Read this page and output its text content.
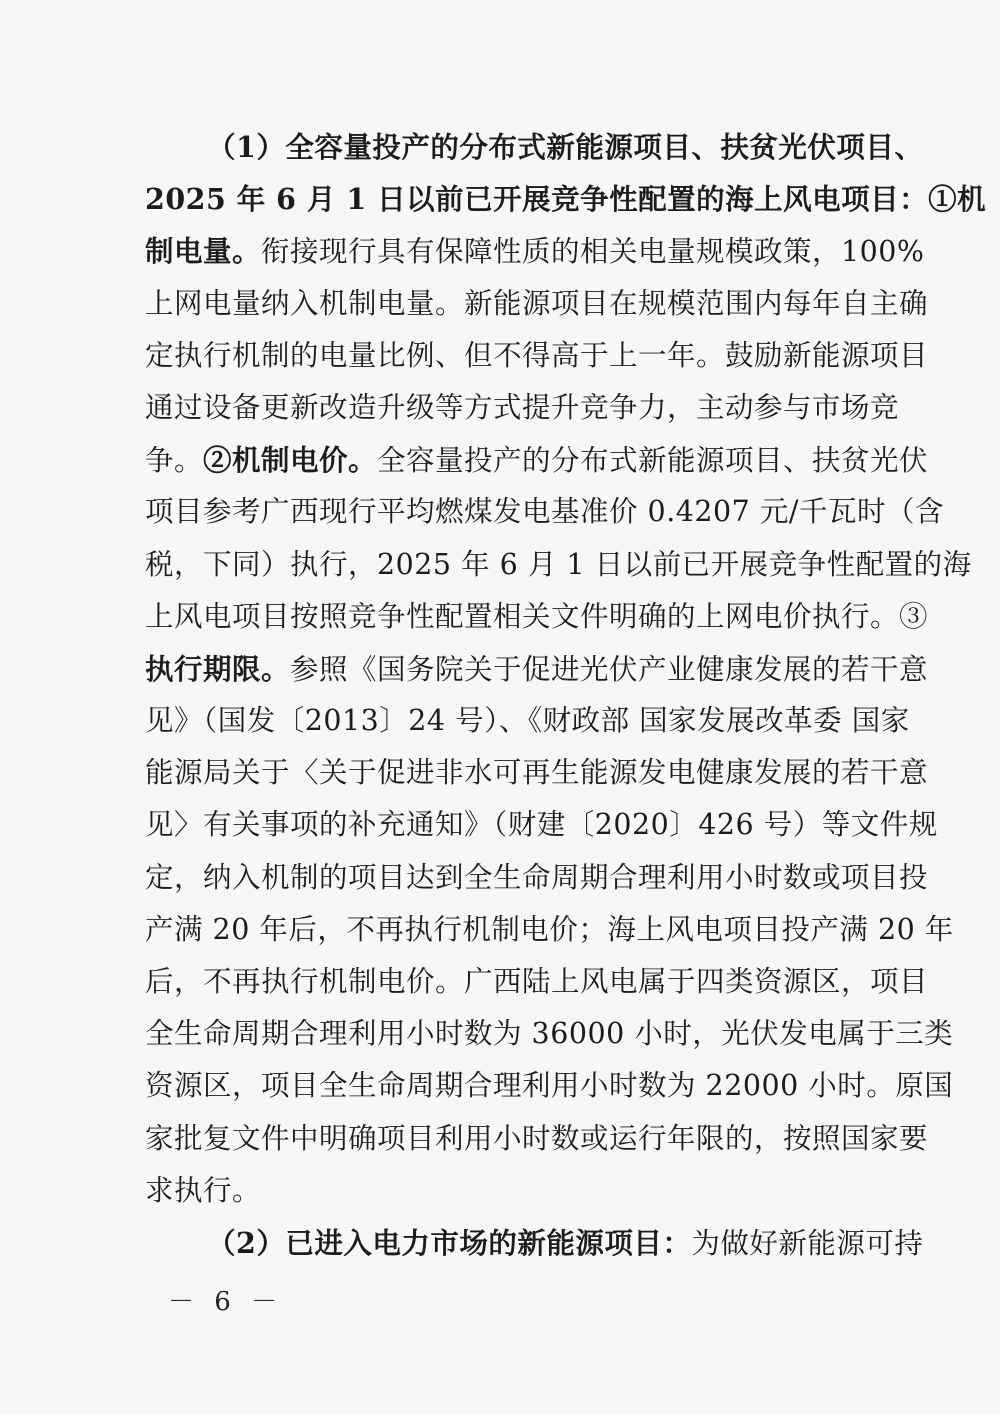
（1）全容量投产的分布式新能源项目、扶贫光伏项目、
2025 年 6 月 1 日以前已开展竞争性配置的海上风电项目：①机
制电量。衔接现行具有保障性质的相关电量规模政策，100%
上网电量纳入机制电量。新能源项目在规模范围内每年自主确
定执行机制的电量比例、但不得高于上一年。鼓励新能源项目
通过设备更新改造升级等方式提升竞争力，主动参与市场竞
争。②机制电价。全容量投产的分布式新能源项目、扶贫光伏
项目参考广西现行平均燃煤发电基准价 0.4207 元/千瓦时（含
税，下同）执行，2025 年 6 月 1 日以前已开展竞争性配置的海
上风电项目按照竞争性配置相关文件明确的上网电价执行。③
执行期限。参照《国务院关于促进光伏产业健康发展的若干意
见》（国发〔2013〕24 号）、《财政部 国家发展改革委 国家
能源局关于〈关于促进非水可再生能源发电健康发展的若干意
见〉有关事项的补充通知》（财建〔2020〕426 号）等文件规
定，纳入机制的项目达到全生命周期合理利用小时数或项目投
产满 20 年后，不再执行机制电价；海上风电项目投产满 20 年
后，不再执行机制电价。广西陆上风电属于四类资源区，项目
全生命周期合理利用小时数为 36000 小时，光伏发电属于三类
资源区，项目全生命周期合理利用小时数为 22000 小时。原国
家批复文件中明确项目利用小时数或运行年限的，按照国家要
求执行。
（2）已进入电力市场的新能源项目：为做好新能源可持
－ 6 －
